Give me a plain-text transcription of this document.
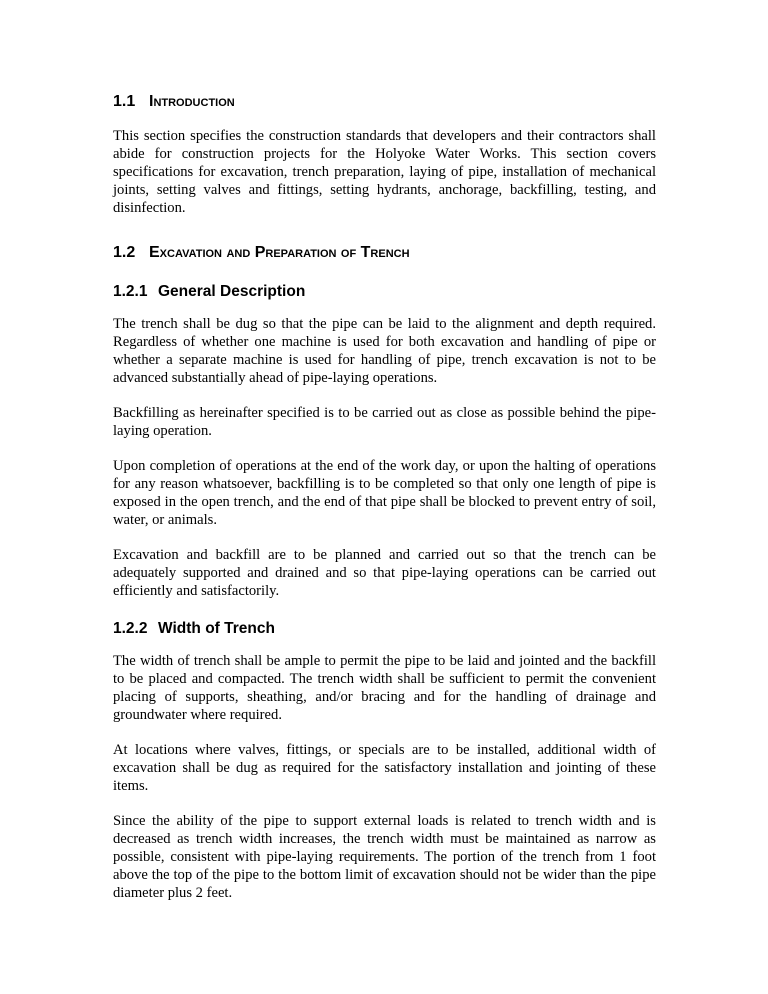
1.1 Introduction

This section specifies the construction standards that developers and their contractors shall abide for construction projects for the Holyoke Water Works. This section covers specifications for excavation, trench preparation, laying of pipe, installation of mechanical joints, setting valves and fittings, setting hydrants, anchorage, backfilling, testing, and disinfection.

1.2 Excavation and Preparation of Trench
1.2.1 General Description

The trench shall be dug so that the pipe can be laid to the alignment and depth required. Regardless of whether one machine is used for both excavation and handling of pipe or whether a separate machine is used for handling of pipe, trench excavation is not to be advanced substantially ahead of pipe-laying operations.

Backfilling as hereinafter specified is to be carried out as close as possible behind the pipe-laying operation.

Upon completion of operations at the end of the work day, or upon the halting of operations for any reason whatsoever, backfilling is to be completed so that only one length of pipe is exposed in the open trench, and the end of that pipe shall be blocked to prevent entry of soil, water, or animals.

Excavation and backfill are to be planned and carried out so that the trench can be adequately supported and drained and so that pipe-laying operations can be carried out efficiently and satisfactorily.

1.2.2 Width of Trench

The width of trench shall be ample to permit the pipe to be laid and jointed and the backfill to be placed and compacted. The trench width shall be sufficient to permit the convenient placing of supports, sheathing, and/or bracing and for the handling of drainage and groundwater where required.

At locations where valves, fittings, or specials are to be installed, additional width of excavation shall be dug as required for the satisfactory installation and jointing of these items.

Since the ability of the pipe to support external loads is related to trench width and is decreased as trench width increases, the trench width must be maintained as narrow as possible, consistent with pipe-laying requirements. The portion of the trench from 1 foot above the top of the pipe to the bottom limit of excavation should not be wider than the pipe diameter plus 2 feet.
